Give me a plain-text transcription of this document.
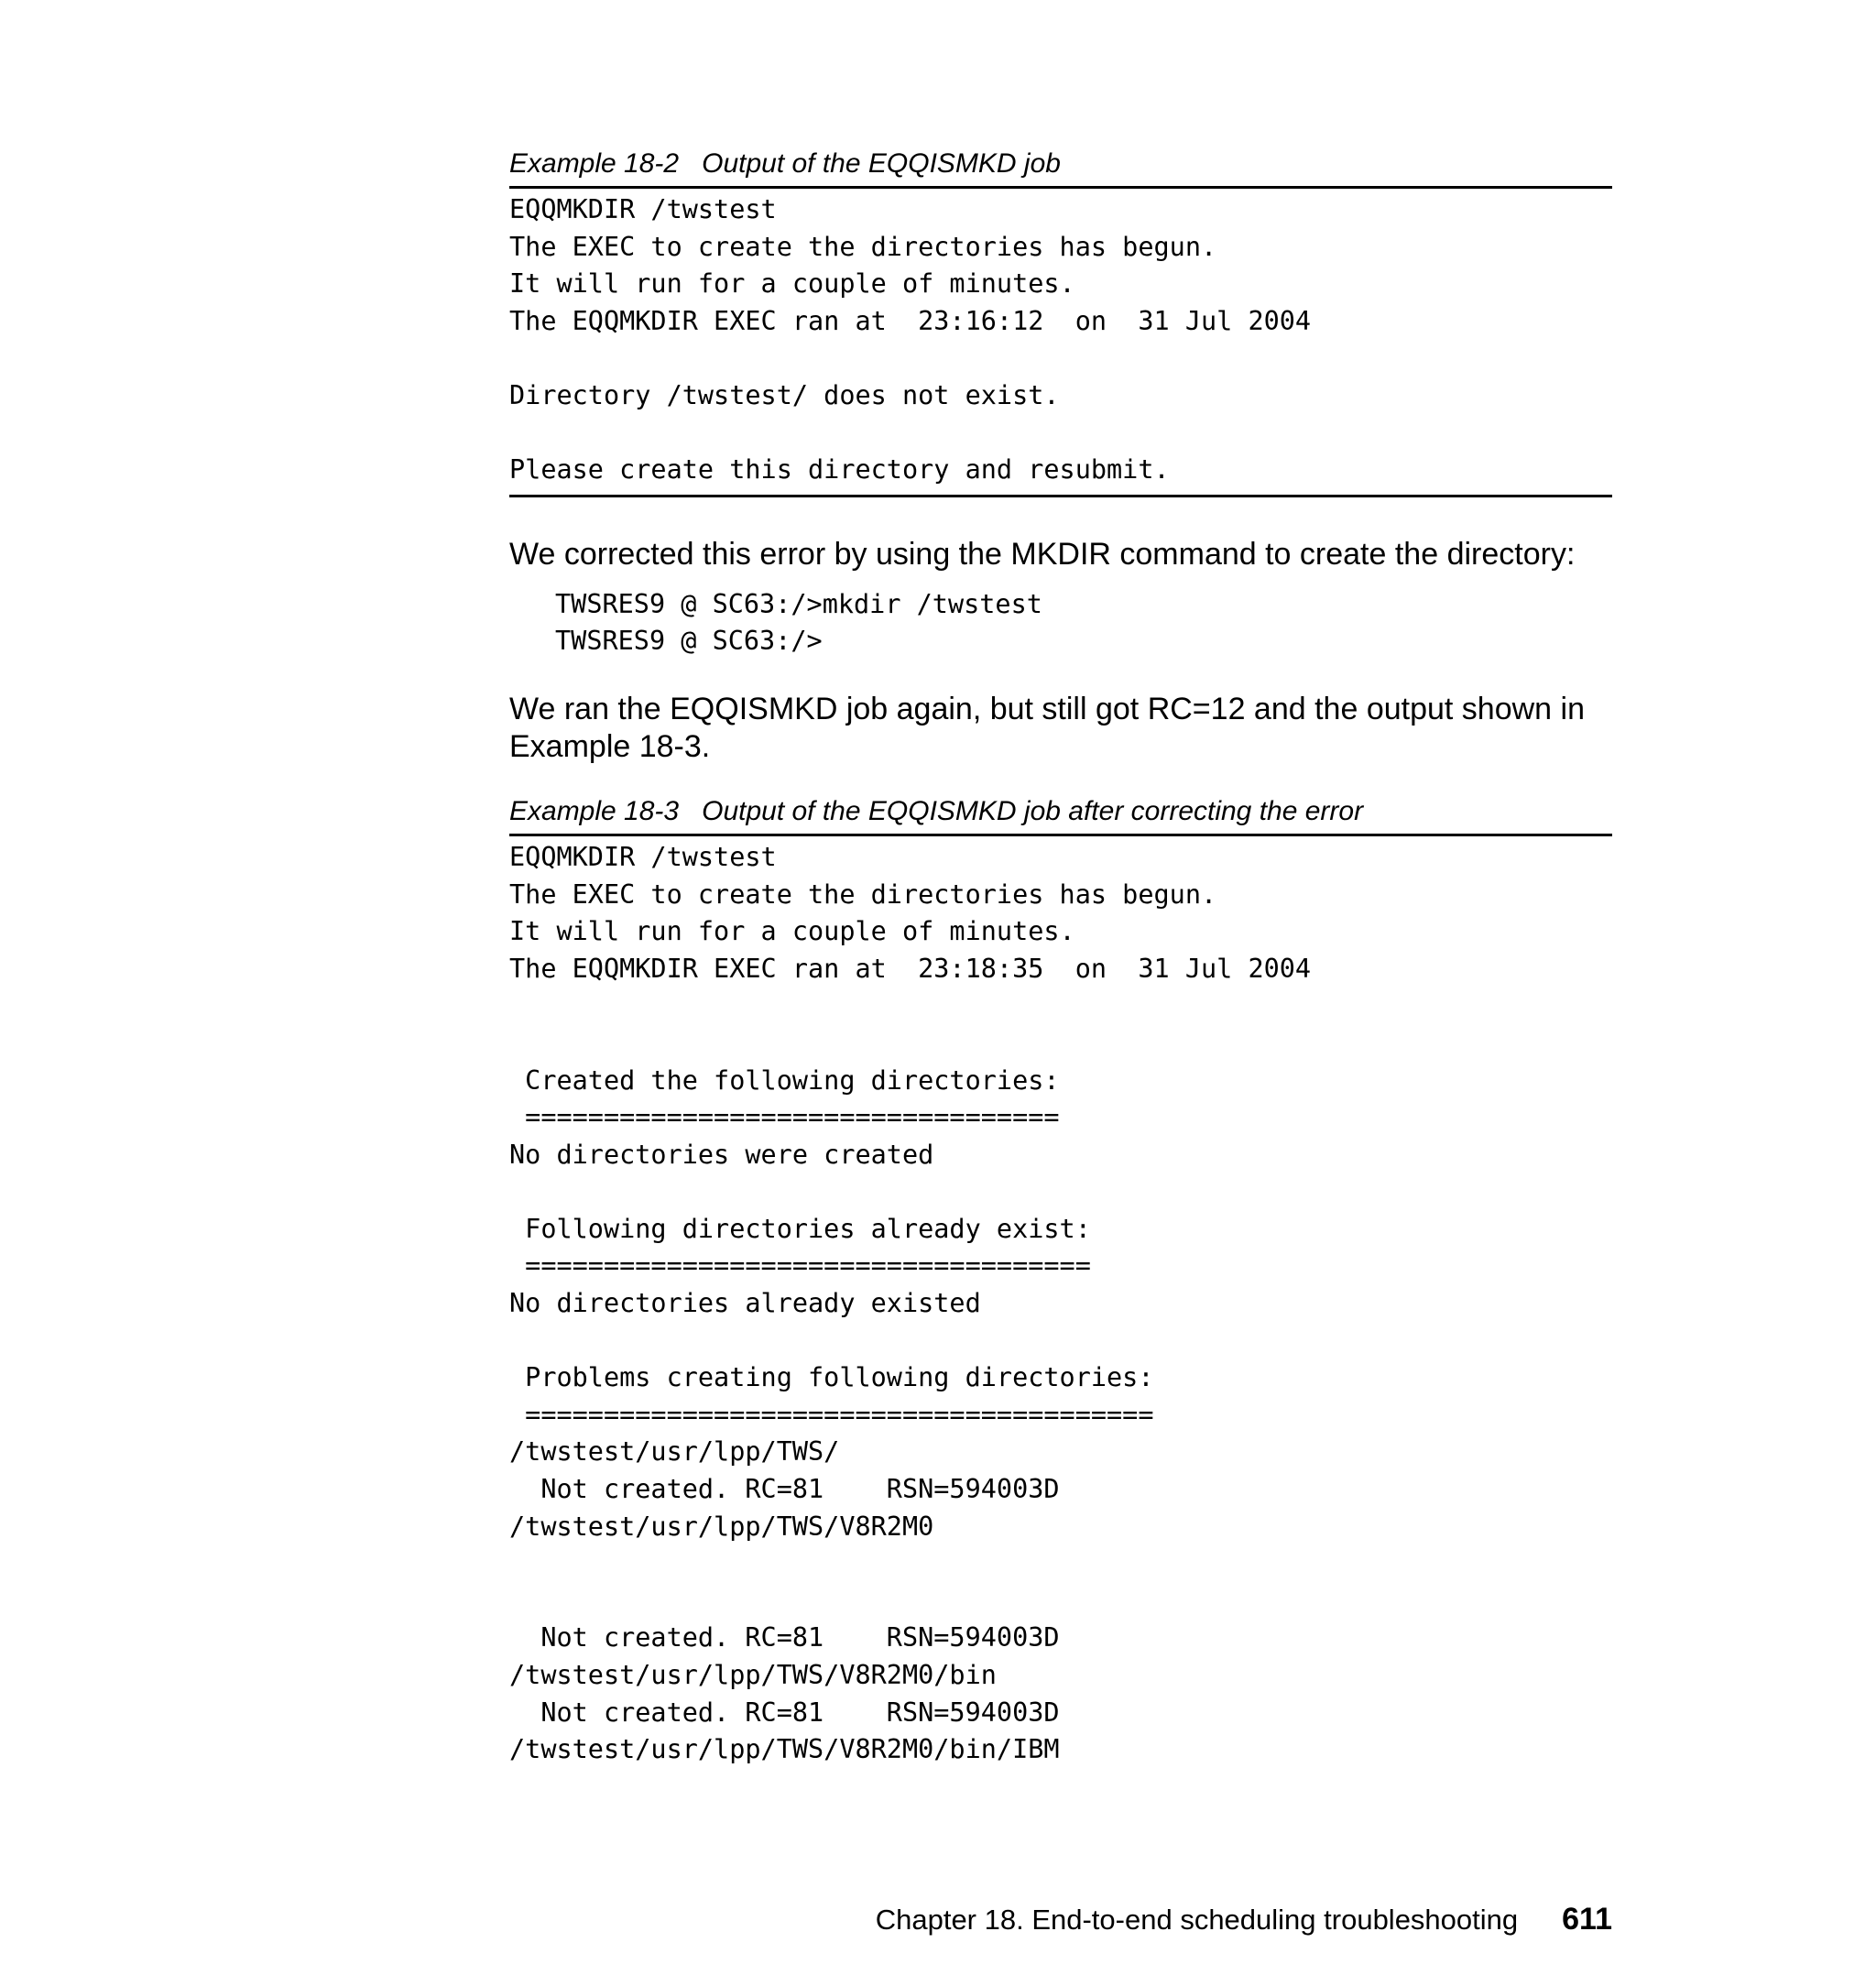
Example 18-2   Output of the EQQISMKD job
EQQMKDIR /twstest
The EXEC to create the directories has begun.
It will run for a couple of minutes.
The EQQMKDIR EXEC ran at  23:16:12  on  31 Jul 2004
Directory /twstest/ does not exist.
Please create this directory and resubmit.

We corrected this error by using the MKDIR command to create the directory:

TWSRES9 @ SC63:/>mkdir /twstest
TWSRES9 @ SC63:/>

We ran the EQQISMKD job again, but still got RC=12 and the output shown in Example 18-3.

Example 18-3   Output of the EQQISMKD job after correcting the error
EQQMKDIR /twstest
The EXEC to create the directories has begun.
It will run for a couple of minutes.
The EQQMKDIR EXEC ran at  23:18:35  on  31 Jul 2004
Created the following directories:
==================================
No directories were created
Following directories already exist:
====================================
No directories already existed
Problems creating following directories:
========================================
/twstest/usr/lpp/TWS/
Not created. RC=81    RSN=594003D
/twstest/usr/lpp/TWS/V8R2M0
Not created. RC=81    RSN=594003D
/twstest/usr/lpp/TWS/V8R2M0/bin
Not created. RC=81    RSN=594003D
/twstest/usr/lpp/TWS/V8R2M0/bin/IBM
Chapter 18. End-to-end scheduling troubleshooting 611
